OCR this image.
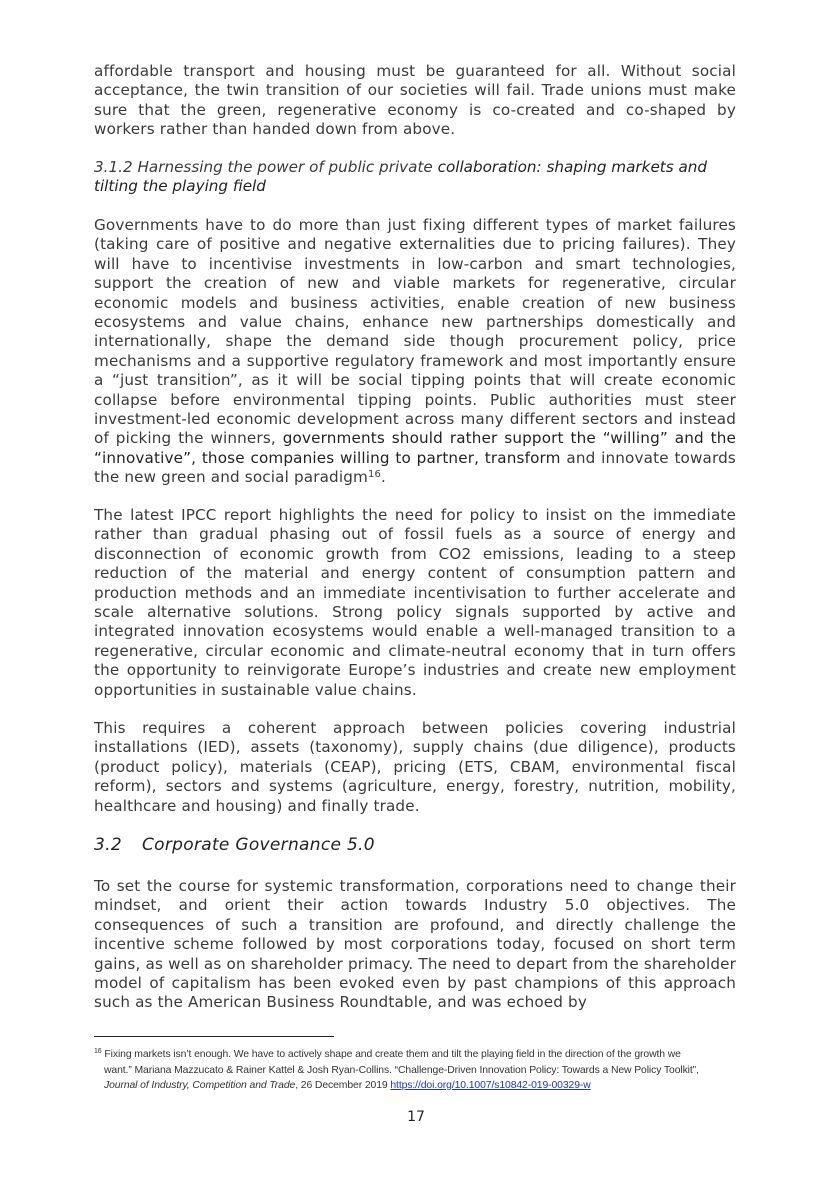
affordable transport and housing must be guaranteed for all. Without social acceptance, the twin transition of our societies will fail. Trade unions must make sure that the green, regenerative economy is co-created and co-shaped by workers rather than handed down from above.

3.1.2 Harnessing the power of public private collaboration: shaping markets and tilting the playing field

Governments have to do more than just fixing different types of market failures (taking care of positive and negative externalities due to pricing failures). They will have to incentivise investments in low-carbon and smart technologies, support the creation of new and viable markets for regenerative, circular economic models and business activities, enable creation of new business ecosystems and value chains, enhance new partnerships domestically and internationally, shape the demand side though procurement policy, price mechanisms and a supportive regulatory framework and most importantly ensure a “just transition”, as it will be social tipping points that will create economic collapse before environmental tipping points. Public authorities must steer investment-led economic development across many different sectors and instead of picking the winners, governments should rather support the “willing” and the “innovative”, those companies willing to partner, transform and innovate towards the new green and social paradigm$^{16}$.

The latest IPCC report highlights the need for policy to insist on the immediate rather than gradual phasing out of fossil fuels as a source of energy and disconnection of economic growth from CO2 emissions, leading to a steep reduction of the material and energy content of consumption pattern and production methods and an immediate incentivisation to further accelerate and scale alternative solutions. Strong policy signals supported by active and integrated innovation ecosystems would enable a well-managed transition to a regenerative, circular economic and climate-neutral economy that in turn offers the opportunity to reinvigorate Europe’s industries and create new employment opportunities in sustainable value chains.

This requires a coherent approach between policies covering industrial installations (IED), assets (taxonomy), supply chains (due diligence), products (product policy), materials (CEAP), pricing (ETS, CBAM, environmental fiscal reform), sectors and systems (agriculture, energy, forestry, nutrition, mobility, healthcare and housing) and finally trade.

3.2 Corporate Governance 5.0

To set the course for systemic transformation, corporations need to change their mindset, and orient their action towards Industry 5.0 objectives. The consequences of such a transition are profound, and directly challenge the incentive scheme followed by most corporations today, focused on short term gains, as well as on shareholder primacy. The need to depart from the shareholder model of capitalism has been evoked even by past champions of this approach such as the American Business Roundtable, and was echoed by

$^{16}$ Fixing markets isn’t enough. We have to actively shape and create them and tilt the playing field in the direction of the growth we
want.” Mariana Mazzucato & Rainer Kattel & Josh Ryan-Collins. “Challenge-Driven Innovation Policy: Towards a New Policy Toolkit”,
Journal of Industry, Competition and Trade, 26 December 2019 https://doi.org/10.1007/s10842-019-00329-w

17
